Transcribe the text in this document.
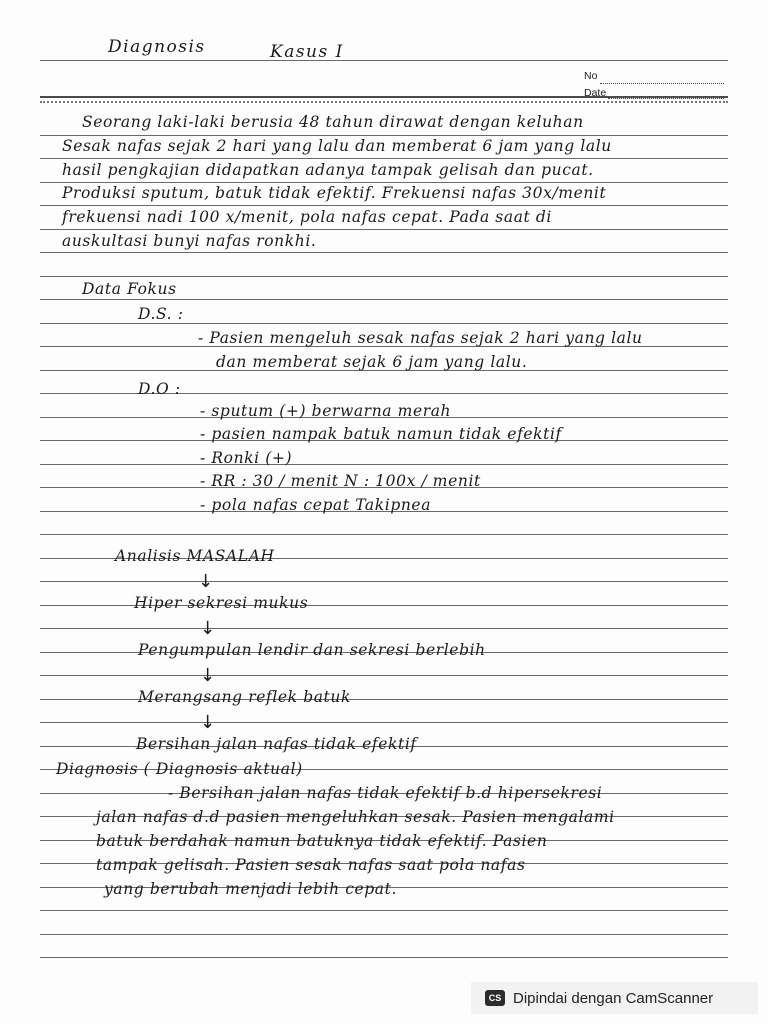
Diagnosis	Kasus I
No
Date
Seorang laki-laki berusia 48 tahun dirawat dengan keluhan
Sesak nafas sejak 2 hari yang lalu dan memberat 6 jam yang lalu
hasil pengkajian didapatkan adanya tampak gelisah dan pucat.
Produksi sputum, batuk tidak efektif. Frekuensi nafas 30x/menit
frekuensi nadi 100 x/menit, pola nafas cepat. Pada saat di
auskultasi bunyi nafas ronkhi.
Data Fokus
D.S. :
- Pasien mengeluh sesak nafas sejak 2 hari yang lalu
dan memberat sejak 6 jam yang lalu.
D.O :
- sputum (+) berwarna merah
- pasien nampak batuk namun tidak efektif
- Ronki (+)
- RR : 30 / menit N : 100x / menit
- pola nafas cepat Takipnea
Analisis MASALAH
↓
Hiper sekresi mukus
↓
Pengumpulan lendir dan sekresi berlebih
↓
Merangsang reflek batuk
↓
Bersihan jalan nafas tidak efektif
Diagnosis ( Diagnosis aktual)
- Bersihan jalan nafas tidak efektif b.d hipersekresi
jalan nafas d.d pasien mengeluhkan sesak. Pasien mengalami
batuk berdahak namun batuknya tidak efektif. Pasien
tampak gelisah. Pasien sesak nafas saat pola nafas
yang berubah menjadi lebih cepat.
CS Dipindai dengan CamScanner
